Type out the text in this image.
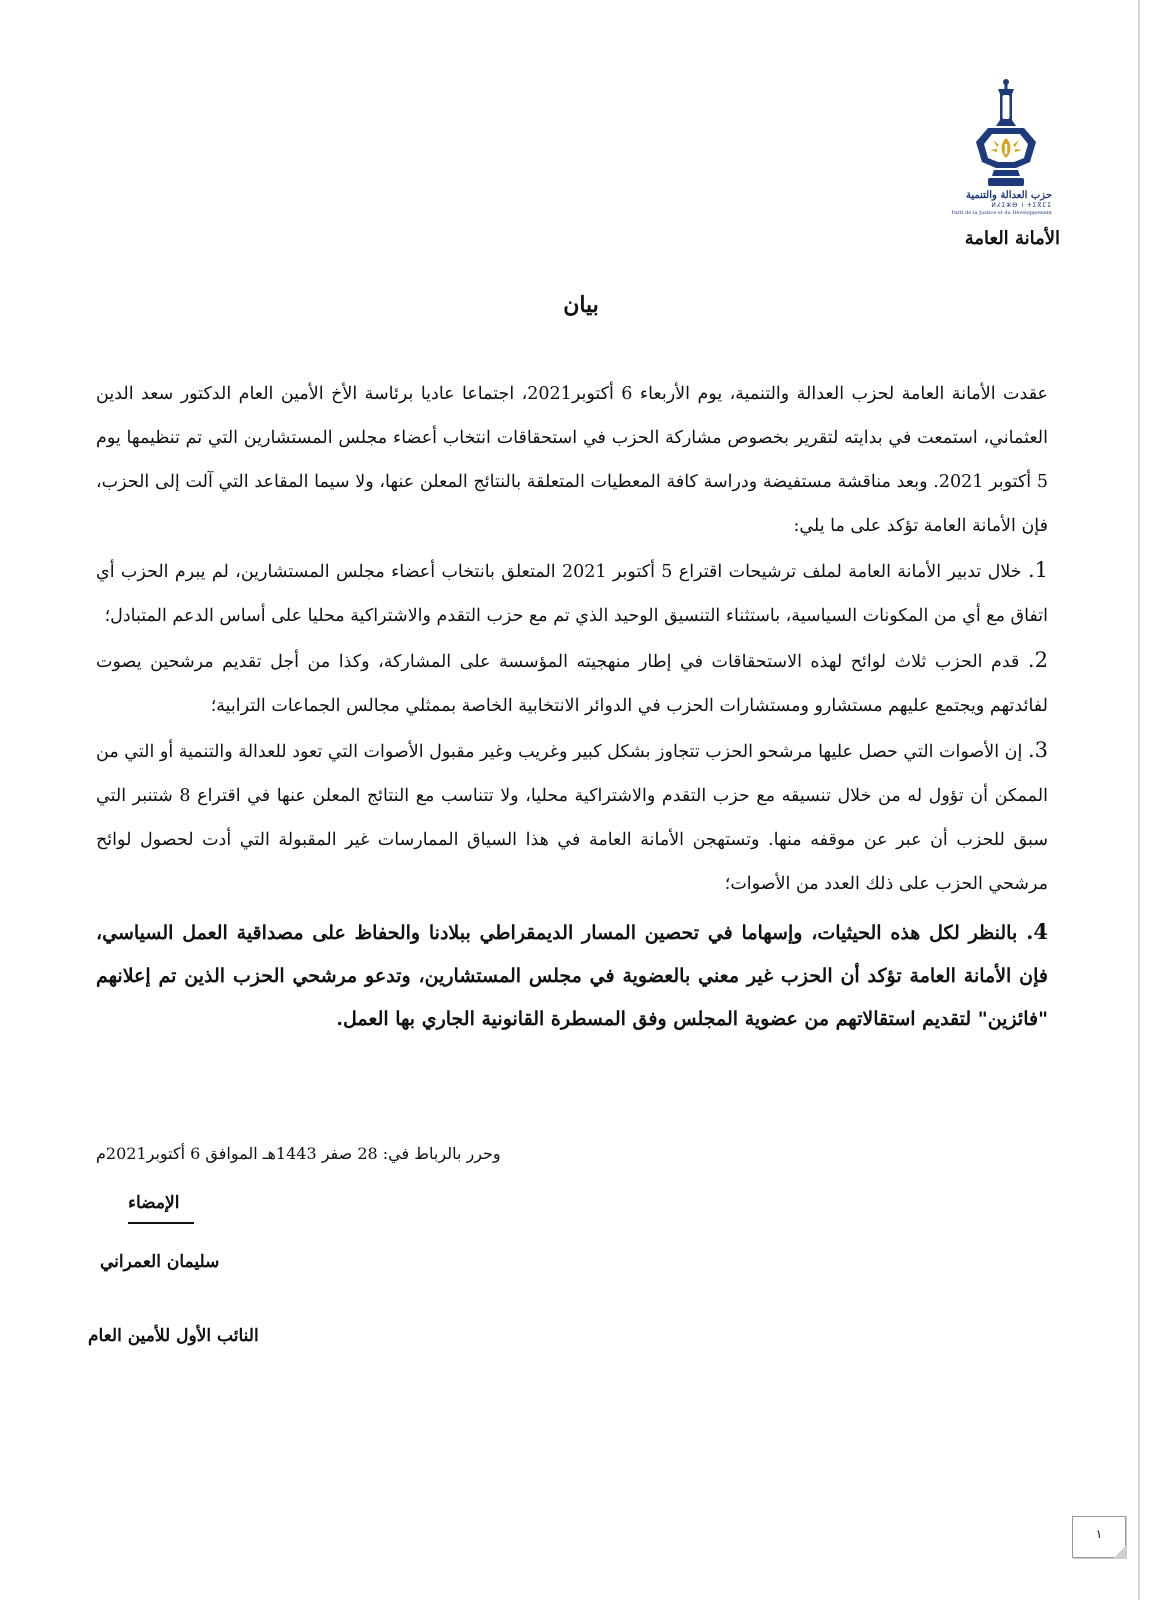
حزب العدالة والتنمية
ⵍⵃⵉⵣⴱ ⵏ ⵜⵉⴳⵎⵉ
Parti de la Justice et du Développement
الأمانة العامة
بيان

عقدت الأمانة العامة لحزب العدالة والتنمية، يوم الأربعاء 6 أكتوبر2021، اجتماعا عاديا برئاسة الأخ الأمين العام الدكتور سعد الدين العثماني، استمعت في بدايته لتقرير بخصوص مشاركة الحزب في استحقاقات انتخاب أعضاء مجلس المستشارين التي تم تنظيمها يوم 5 أكتوبر 2021. وبعد مناقشة مستفيضة ودراسة كافة المعطيات المتعلقة بالنتائج المعلن عنها، ولا سيما المقاعد التي آلت إلى الحزب، فإن الأمانة العامة تؤكد على ما يلي:

1. خلال تدبير الأمانة العامة لملف ترشيحات اقتراع 5 أكتوبر 2021 المتعلق بانتخاب أعضاء مجلس المستشارين، لم يبرم الحزب أي اتفاق مع أي من المكونات السياسية، باستثناء التنسيق الوحيد الذي تم مع حزب التقدم والاشتراكية محليا على أساس الدعم المتبادل؛

2. قدم الحزب ثلاث لوائح لهذه الاستحقاقات في إطار منهجيته المؤسسة على المشاركة، وكذا من أجل تقديم مرشحين يصوت لفائدتهم ويجتمع عليهم مستشارو ومستشارات الحزب في الدوائر الانتخابية الخاصة بممثلي مجالس الجماعات الترابية؛

3. إن الأصوات التي حصل عليها مرشحو الحزب تتجاوز بشكل كبير وغريب وغير مقبول الأصوات التي تعود للعدالة والتنمية أو التي من الممكن أن تؤول له من خلال تنسيقه مع حزب التقدم والاشتراكية محليا، ولا تتناسب مع النتائج المعلن عنها في اقتراع 8 شتنبر التي سبق للحزب أن عبر عن موقفه منها. وتستهجن الأمانة العامة في هذا السياق الممارسات غير المقبولة التي أدت لحصول لوائح مرشحي الحزب على ذلك العدد من الأصوات؛

4. بالنظر لكل هذه الحيثيات، وإسهاما في تحصين المسار الديمقراطي ببلادنا والحفاظ على مصداقية العمل السياسي، فإن الأمانة العامة تؤكد أن الحزب غير معني بالعضوية في مجلس المستشارين، وتدعو مرشحي الحزب الذين تم إعلانهم "فائزين" لتقديم استقالاتهم من عضوية المجلس وفق المسطرة القانونية الجاري بها العمل.

وحرر بالرباط في: 28 صفر 1443هـ الموافق 6 أكتوبر2021م
الإمضاء
سليمان العمراني
النائب الأول للأمين العام
١
